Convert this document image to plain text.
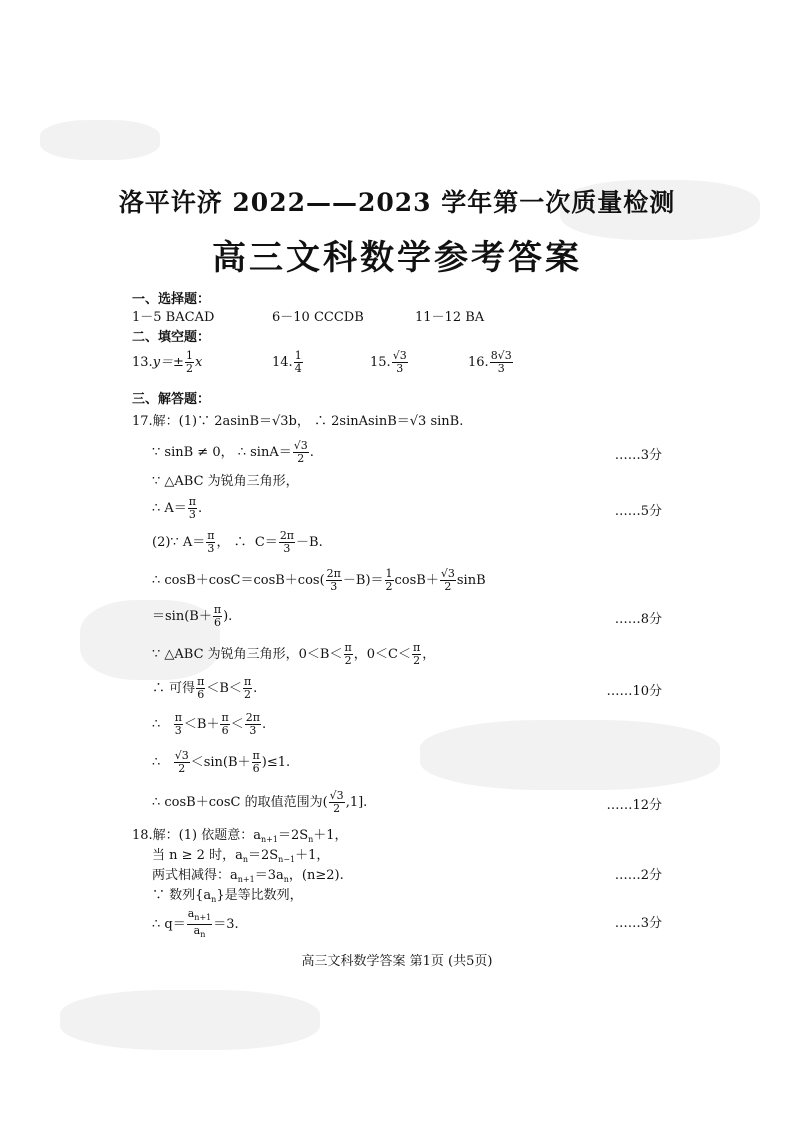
洛平许济 2022——2023 学年第一次质量检测
高三文科数学参考答案
一、选择题：
1－5 BACAD	6－10 CCCDB	11－12 BA
二、填空题：
$13.y=\pm \frac{1}{2}$ x	14. $\frac{1}{4}$	15. $\frac{√3}{3}$	16. $\frac{8√3}{3}$
三、解答题：
17.解：(1)∵ 2asinB＝√3b， ∴ 2sinAsinB＝√3 sinB.
∵ sinB ≠ 0， ∴ $\sin A= \frac{√3}{2}$ .	……3分
∵ △ABC 为锐角三角形，
∴ $A= \frac{\pi}{3}$ .	……5分
(2)∵ $A= \frac{\pi}{3}$ ， ∴  $C= \frac{2\pi}{3} -B$.
∴ $\cos B+\cos C=\cos B+\cos( \frac{2\pi}{3} -B)= \frac{1}{2} \cos B+ \frac{√3}{2}$ sinB
$=\sin(B+ \frac{\pi}{6}$ ).	……8分
∵ △ABC 为锐角三角形，$0<B< \frac{\pi}{2}$ ，$0<C< \frac{\pi}{2}$ ，
∴ 可得 $\frac{\pi}{6} <B< \frac{\pi}{2}$ .	……10分
∴ $\frac{\pi}{3} <B+ \frac{\pi}{6} < \frac{2\pi}{3}$ .
∴ $\frac{√3}{2} <\sin(B+ \frac{\pi}{6} )\le 1$.
∴ cosB＋cosC 的取值范围为( $\frac{√3}{2} ,1$].	……12分
18.解：(1) 依题意：$a_{n+1}=2S_n+1$，
当 n ≥ 2 时，$a_n=2S_{n-1}+1$，
两式相减得：$a_{n+1}=3a_n$，(n≥2).	……2分
∵ 数列$\{a_n\}$是等比数列，
∴ $q= \frac{a_{n+1}}{a_n} =3$.	……3分
高三文科数学答案 第1页 (共5页)
